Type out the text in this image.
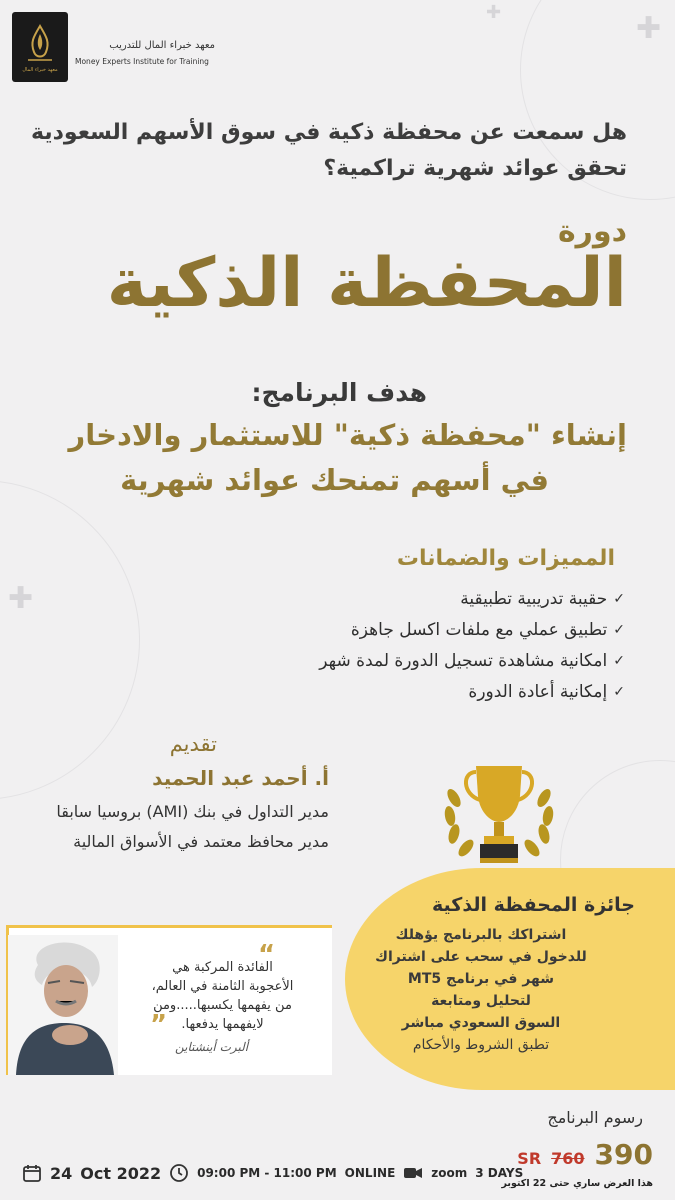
✚
✚
✚
معهد خبراء المال
معهد خبراء المال للتدريب
Money Experts Institute for Training
هل سمعت عن محفظة ذكية في سوق الأسهم السعودية
تحقق عوائد شهرية تراكمية؟
دورة
المحفظة الذكية
هدف البرنامج:
إنشاء "محفظة ذكية" للاستثمار والادخار
في أسهم تمنحك عوائد شهرية
المميزات والضمانات
✓
حقيبة تدريبية تطبيقية
✓
تطبيق عملي مع ملفات اكسل جاهزة
✓
امكانية مشاهدة تسجيل الدورة لمدة شهر
✓
إمكانية أعادة الدورة
تقديم
أ. أحمد عبد الحميد
مدير التداول في بنك (AMI) بروسيا سابقا
مدير محافظ معتمد في الأسواق المالية
جائزة المحفظة الذكية
اشتراكك بالبرنامج يؤهلك
للدخول في سحب على اشتراك
شهر في برنامج MT5
لتحليل ومتابعة
السوق السعودي مباشر
تطبق الشروط والأحكام
“
الفائدة المركبة هي
الأعجوبة الثامنة في العالم،
من يفهمها يكسبها.....ومن
لايفهمها يدفعها.
”
ألبرت أينشتاين
رسوم البرنامج
SR 760 390
هذا العرض ساري حتى 22 اكتوبر
24 Oct 2022	09:00 PM - 11:00 PM ONLINE	zoom 3 DAYS
